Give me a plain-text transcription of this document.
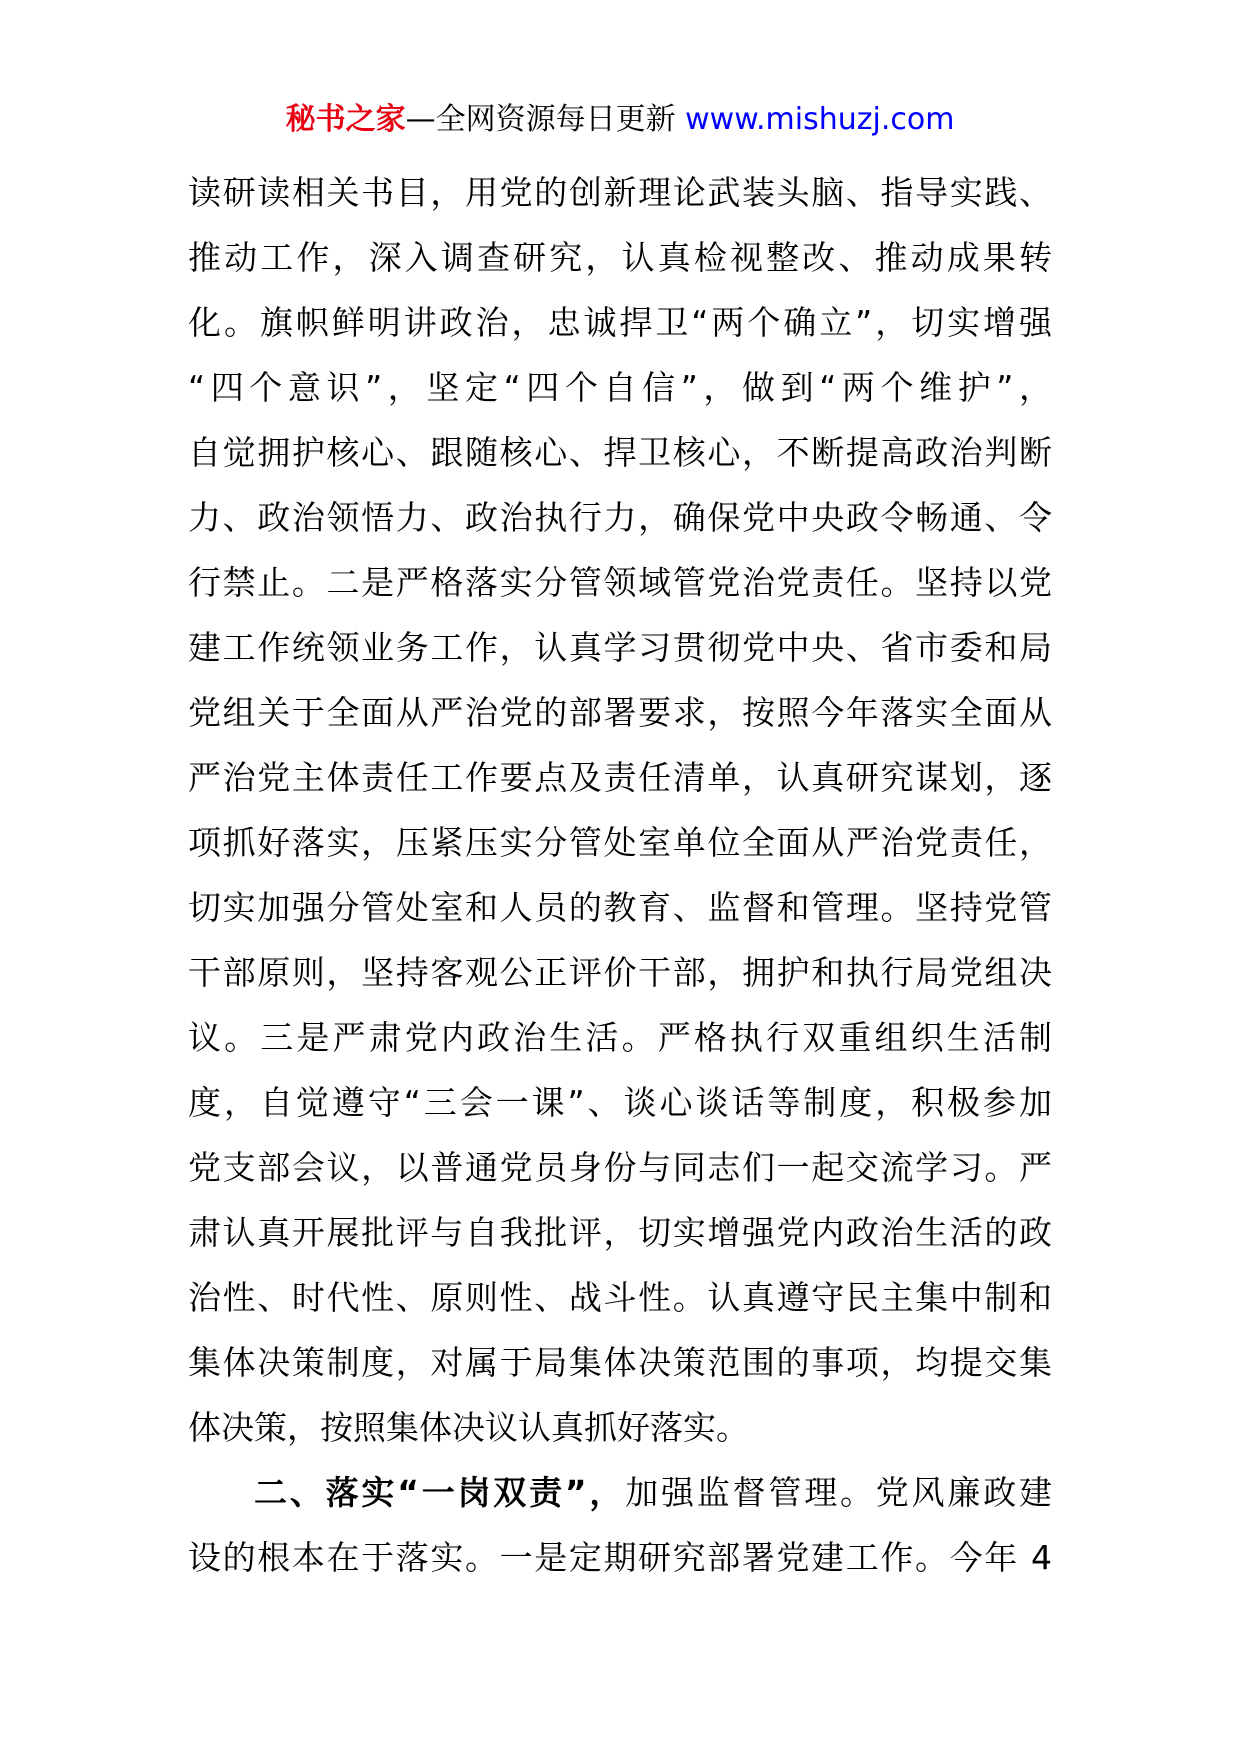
秘书之家—全网资源每日更新 www.mishuzj.com
读研读相关书目，用党的创新理论武装头脑、指导实践、
推动工作，深入调查研究，认真检视整改、推动成果转
化。旗帜鲜明讲政治，忠诚捍卫“两个确立”，切实增强
“四个意识”，坚定“四个自信”，做到“两个维护”，
自觉拥护核心、跟随核心、捍卫核心，不断提高政治判断
力、政治领悟力、政治执行力，确保党中央政令畅通、令
行禁止。二是严格落实分管领域管党治党责任。坚持以党
建工作统领业务工作，认真学习贯彻党中央、省市委和局
党组关于全面从严治党的部署要求，按照今年落实全面从
严治党主体责任工作要点及责任清单，认真研究谋划，逐
项抓好落实，压紧压实分管处室单位全面从严治党责任，
切实加强分管处室和人员的教育、监督和管理。坚持党管
干部原则，坚持客观公正评价干部，拥护和执行局党组决
议。三是严肃党内政治生活。严格执行双重组织生活制
度，自觉遵守“三会一课”、谈心谈话等制度，积极参加
党支部会议，以普通党员身份与同志们一起交流学习。严
肃认真开展批评与自我批评，切实增强党内政治生活的政
治性、时代性、原则性、战斗性。认真遵守民主集中制和
集体决策制度，对属于局集体决策范围的事项，均提交集
体决策，按照集体决议认真抓好落实。
二、落实“一岗双责”，加强监督管理。党风廉政建
设的根本在于落实。一是定期研究部署党建工作。今年 4
